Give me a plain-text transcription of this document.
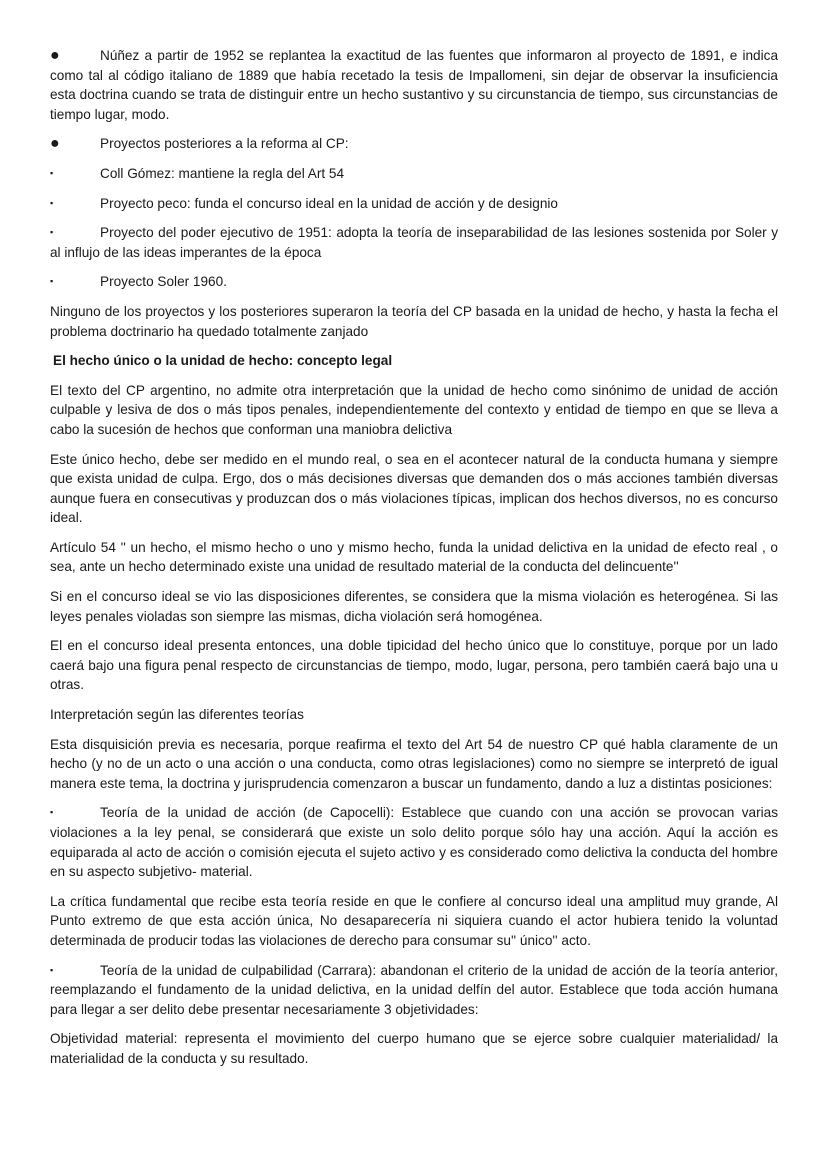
●	Núñez a partir de 1952 se replantea la exactitud de las fuentes que informaron al proyecto de 1891, e indica como tal al código italiano de 1889 que había recetado la tesis de Impallomeni, sin dejar de observar la insuficiencia esta doctrina cuando se trata de distinguir entre un hecho sustantivo y su circunstancia de tiempo, sus circunstancias de tiempo lugar, modo.

●	Proyectos posteriores a la reforma al CP:

▪	Coll Gómez: mantiene la regla del Art 54

▪	Proyecto peco: funda el concurso ideal en la unidad de acción y de designio

▪	Proyecto del poder ejecutivo de 1951: adopta la teoría de inseparabilidad de las lesiones sostenida por Soler y al influjo de las ideas imperantes de la época

▪	Proyecto Soler 1960.

Ninguno de los proyectos y los posteriores superaron la teoría del CP basada en la unidad de hecho, y hasta la fecha el problema doctrinario ha quedado totalmente zanjado

El hecho único o la unidad de hecho: concepto legal

El texto del CP argentino, no admite otra interpretación que la unidad de hecho como sinónimo de unidad de acción culpable y lesiva de dos o más tipos penales, independientemente del contexto y entidad de tiempo en que se lleva a cabo la sucesión de hechos que conforman una maniobra delictiva

Este único hecho, debe ser medido en el mundo real, o sea en el acontecer natural de la conducta humana y siempre que exista unidad de culpa. Ergo, dos o más decisiones diversas que demanden dos o más acciones también diversas aunque fuera en consecutivas y produzcan dos o más violaciones típicas, implican dos hechos diversos, no es concurso ideal.

Artículo 54 '' un hecho, el mismo hecho o uno y mismo hecho, funda la unidad delictiva en la unidad de efecto real , o sea, ante un hecho determinado existe una unidad de resultado material de la conducta del delincuente''

Si en el concurso ideal se vio las disposiciones diferentes, se considera que la misma violación es heterogénea. Si las leyes penales violadas son siempre las mismas, dicha violación será homogénea.

El en el concurso ideal presenta entonces, una doble tipicidad del hecho único que lo constituye, porque por un lado caerá bajo una figura penal respecto de circunstancias de tiempo, modo, lugar, persona, pero también caerá bajo una u otras.

Interpretación según las diferentes teorías

Esta disquisición previa es necesaria, porque reafirma el texto del Art 54 de nuestro CP qué habla claramente de un hecho (y no de un acto o una acción o una conducta, como otras legislaciones) como no siempre se interpretó de igual manera este tema, la doctrina y jurisprudencia comenzaron a buscar un fundamento, dando a luz a distintas posiciones:

▪	Teoría de la unidad de acción (de Capocelli): Establece que cuando con una acción se provocan varias violaciones a la ley penal, se considerará que existe un solo delito porque sólo hay una acción. Aquí la acción es equiparada al acto de acción o comisión ejecuta el sujeto activo y es considerado como delictiva la conducta del hombre en su aspecto subjetivo- material.

La crítica fundamental que recibe esta teoría reside en que le confiere al concurso ideal una amplitud muy grande, Al Punto extremo de que esta acción única, No desaparecería ni siquiera cuando el actor hubiera tenido la voluntad determinada de producir todas las violaciones de derecho para consumar su'' único'' acto.

▪	Teoría de la unidad de culpabilidad (Carrara): abandonan el criterio de la unidad de acción de la teoría anterior, reemplazando el fundamento de la unidad delictiva, en la unidad delfín del autor. Establece que toda acción humana para llegar a ser delito debe presentar necesariamente 3 objetividades:

Objetividad material: representa el movimiento del cuerpo humano que se ejerce sobre cualquier materialidad/ la materialidad de la conducta y su resultado.
